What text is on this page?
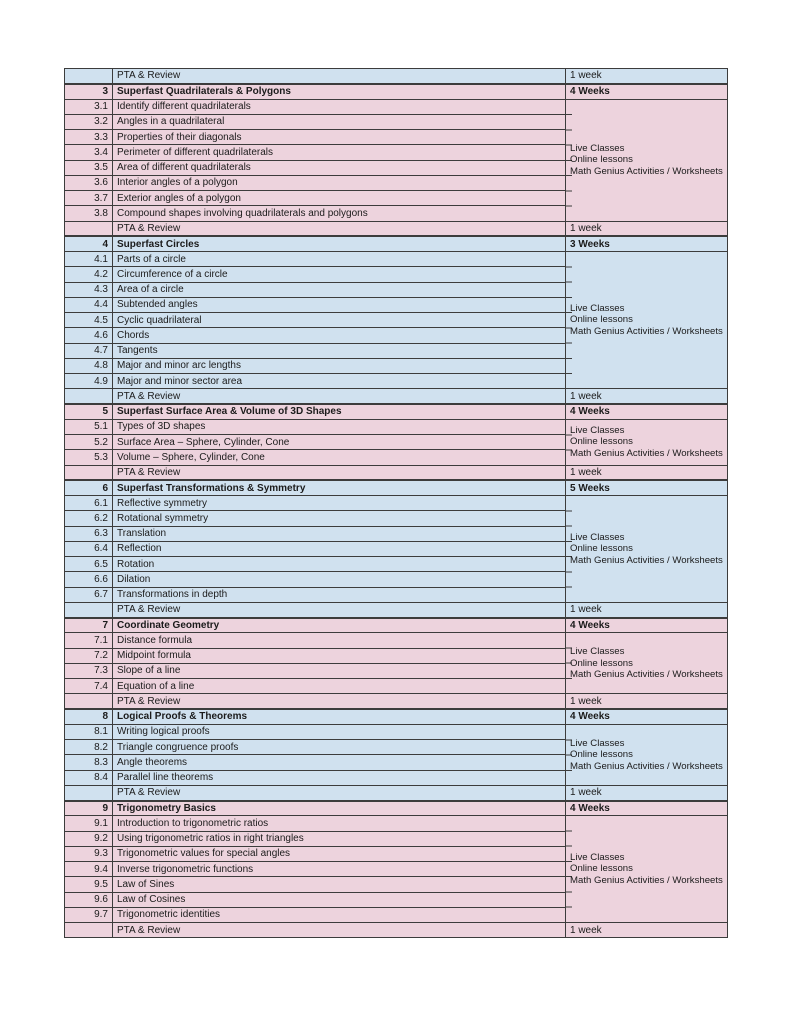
	PTA & Review	1 week
3	Superfast Quadrilaterals & Polygons	4 Weeks
3.1	Identify different quadrilaterals	Live Classes
Online lessons
Math Genius Activities / Worksheets

3.2	Angles in a quadrilateral	
3.3	Properties of their diagonals	
3.4	Perimeter of different quadrilaterals	
3.5	Area of different quadrilaterals	
3.6	Interior angles of a polygon	
3.7	Exterior angles of a polygon	
3.8	Compound shapes involving quadrilaterals and polygons	
	PTA & Review	1 week
4	Superfast Circles	3 Weeks
4.1	Parts of a circle	Live Classes
Online lessons
Math Genius Activities / Worksheets

4.2	Circumference of a circle	
4.3	Area of a circle	
4.4	Subtended angles	
4.5	Cyclic quadrilateral	
4.6	Chords	
4.7	Tangents	
4.8	Major and minor arc lengths	
4.9	Major and minor sector area	
	PTA & Review	1 week
5	Superfast Surface Area & Volume of 3D Shapes	4 Weeks
5.1	Types of 3D shapes	Live Classes
Online lessons
Math Genius Activities / Worksheets

5.2	Surface Area – Sphere, Cylinder, Cone	
5.3	Volume – Sphere, Cylinder, Cone	
	PTA & Review	1 week
6	Superfast Transformations & Symmetry	5 Weeks
6.1	Reflective symmetry	Live Classes
Online lessons
Math Genius Activities / Worksheets

6.2	Rotational symmetry	
6.3	Translation	
6.4	Reflection	
6.5	Rotation	
6.6	Dilation	
6.7	Transformations in depth	
	PTA & Review	1 week
7	Coordinate Geometry	4 Weeks
7.1	Distance formula	Live Classes
Online lessons
Math Genius Activities / Worksheets

7.2	Midpoint formula	
7.3	Slope of a line	
7.4	Equation of a line	
	PTA & Review	1 week
8	Logical Proofs & Theorems	4 Weeks
8.1	Writing logical proofs	Live Classes
Online lessons
Math Genius Activities / Worksheets

8.2	Triangle congruence proofs	
8.3	Angle theorems	
8.4	Parallel line theorems	
	PTA & Review	1 week
9	Trigonometry Basics	4 Weeks
9.1	Introduction to trigonometric ratios	Live Classes
Online lessons
Math Genius Activities / Worksheets

9.2	Using trigonometric ratios in right triangles	
9.3	Trigonometric values for special angles	
9.4	Inverse trigonometric functions	
9.5	Law of Sines	
9.6	Law of Cosines	
9.7	Trigonometric identities	
	PTA & Review	1 week
